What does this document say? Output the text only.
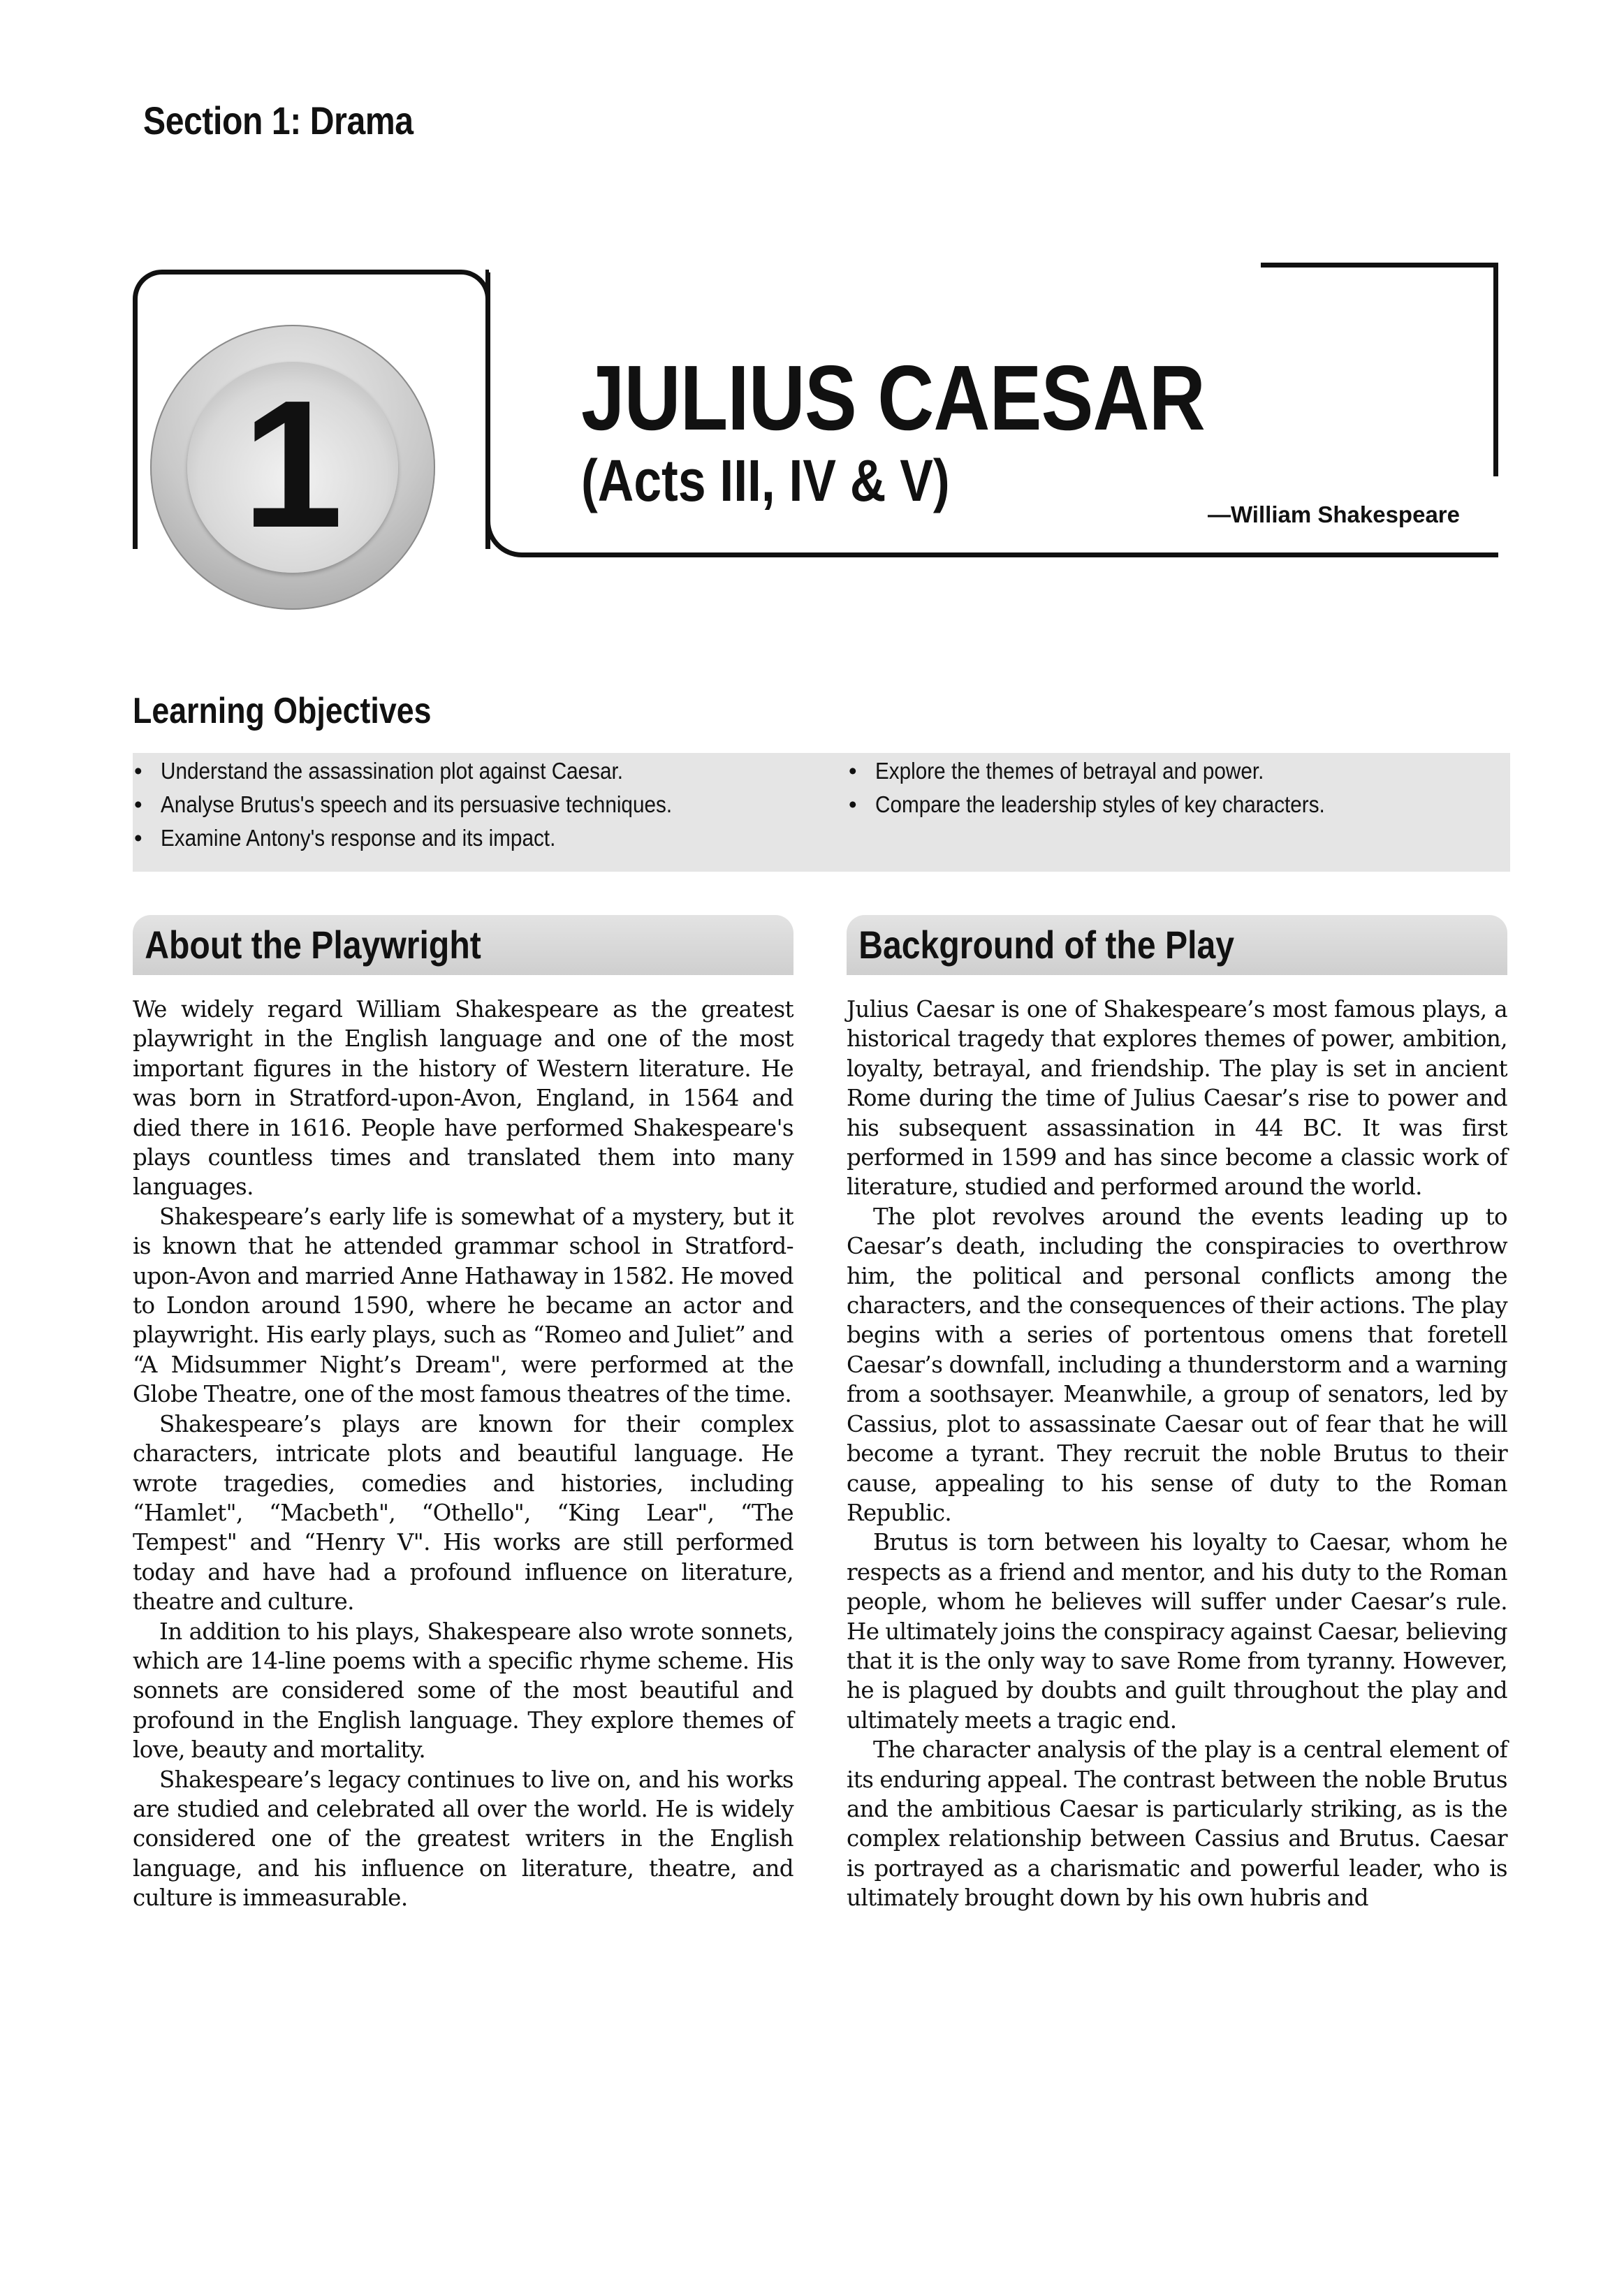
Section 1: Drama
1	JULIUS CAESAR
(Acts III, IV & V)
—William Shakespeare
Learning Objectives
• Understand the assassination plot against Caesar.
• Analyse Brutus's speech and its persuasive techniques.
• Examine Antony's response and its impact.
• Explore the themes of betrayal and power.
• Compare the leadership styles of key characters.
About the Playwright	Background of the Play

We widely regard William Shakespeare as the greatest playwright in the English language and one of the most important figures in the history of Western literature. He was born in Stratford-upon-Avon, England, in 1564 and died there in 1616. People have performed Shakespeare's plays countless times and translated them into many languages.

Shakespeare’s early life is somewhat of a mystery, but it is known that he attended grammar school in Stratford-upon-Avon and married Anne Hathaway in 1582. He moved to London around 1590, where he became an actor and playwright. His early plays, such as “Romeo and Juliet” and “A Midsummer Night’s Dream", were performed at the Globe Theatre, one of the most famous theatres of the time.

Shakespeare’s plays are known for their complex characters, intricate plots and beautiful language. He wrote tragedies, comedies and histories, including “Hamlet", “Macbeth", “Othello", “King Lear", “The Tempest" and “Henry V". His works are still performed today and have had a profound influence on literature, theatre and culture.

In addition to his plays, Shakespeare also wrote sonnets, which are 14-line poems with a specific rhyme scheme. His sonnets are considered some of the most beautiful and profound in the English language. They explore themes of love, beauty and mortality.

Shakespeare’s legacy continues to live on, and his works are studied and celebrated all over the world. He is widely considered one of the greatest writers in the English language, and his influence on literature, theatre, and culture is immeasurable.

Julius Caesar is one of Shakespeare’s most famous plays, a historical tragedy that explores themes of power, ambition, loyalty, betrayal, and friendship. The play is set in ancient Rome during the time of Julius Caesar’s rise to power and his subsequent assassination in 44 BC. It was first performed in 1599 and has since become a classic work of literature, studied and performed around the world.

The plot revolves around the events leading up to Caesar’s death, including the conspiracies to overthrow him, the political and personal conflicts among the characters, and the consequences of their actions. The play begins with a series of portentous omens that foretell Caesar’s downfall, including a thunderstorm and a warning from a soothsayer. Meanwhile, a group of senators, led by Cassius, plot to assassinate Caesar out of fear that he will become a tyrant. They recruit the noble Brutus to their cause, appealing to his sense of duty to the Roman Republic.

Brutus is torn between his loyalty to Caesar, whom he respects as a friend and mentor, and his duty to the Roman people, whom he believes will suffer under Caesar’s rule. He ultimately joins the conspiracy against Caesar, believing that it is the only way to save Rome from tyranny. However, he is plagued by doubts and guilt throughout the play and ultimately meets a tragic end.

The character analysis of the play is a central element of its enduring appeal. The contrast between the noble Brutus and the ambitious Caesar is particularly striking, as is the complex relationship between Cassius and Brutus. Caesar is portrayed as a charismatic and powerful leader, who is ultimately brought down by his own hubris and
